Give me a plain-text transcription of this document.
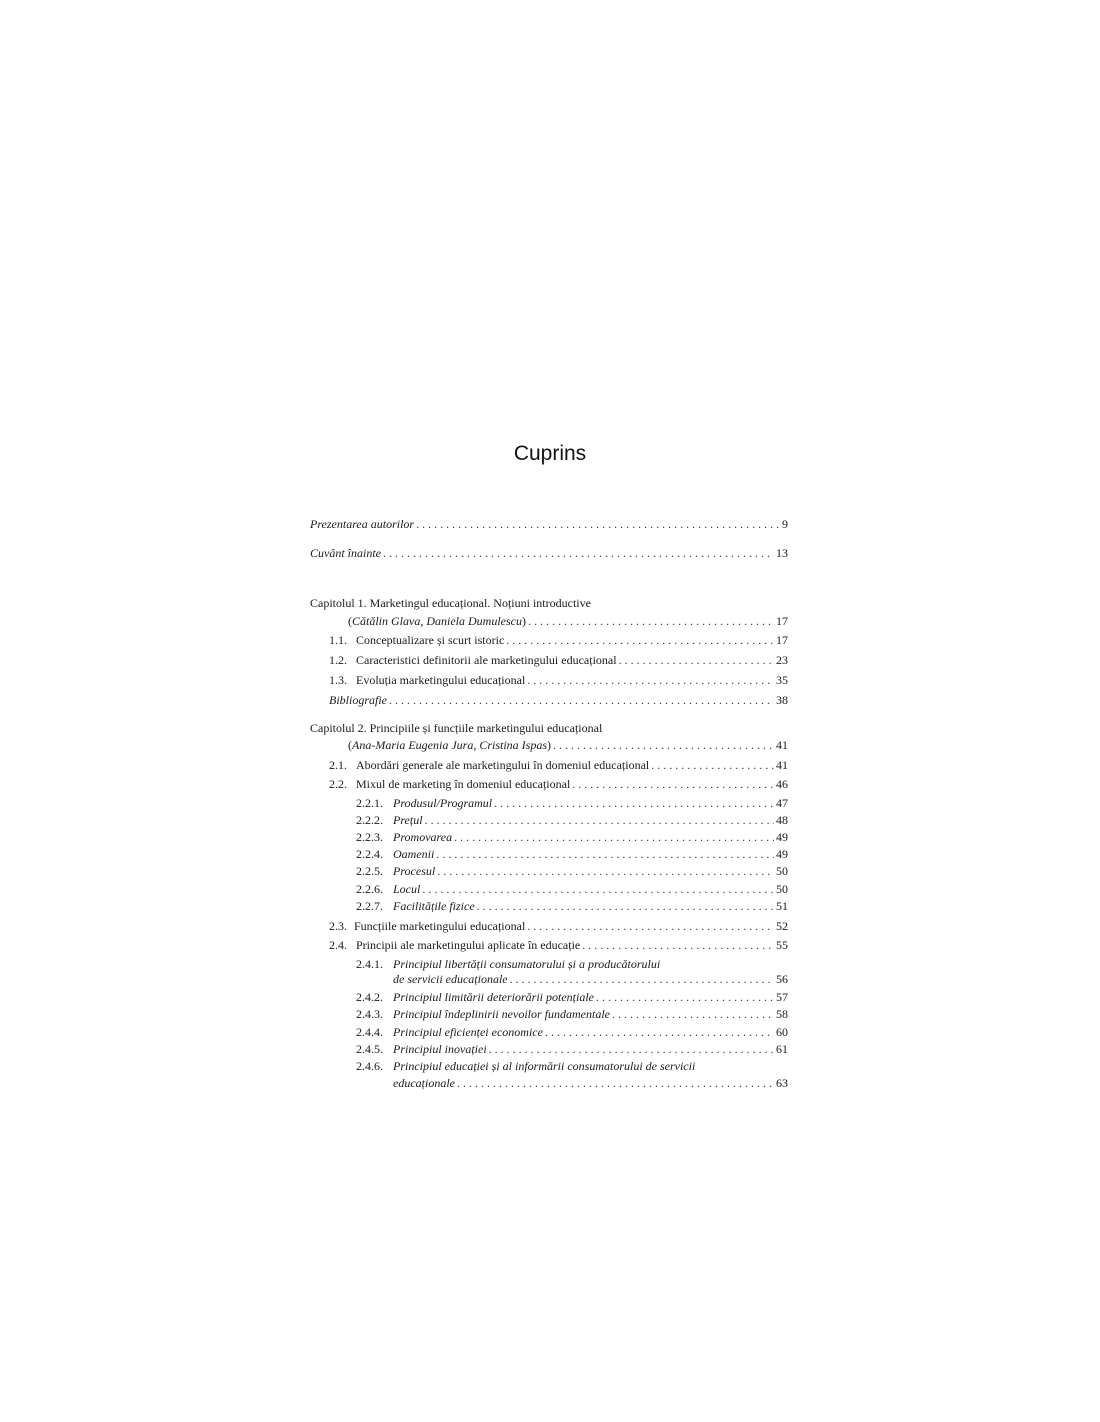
Cuprins
Prezentarea autorilor . . .	9
Cuvânt înainte . . .	13
Capitolul 1. Marketingul educațional. Noțiuni introductive
(Cătălin Glava, Daniela Dumulescu) . . .	17
1.1. Conceptualizare și scurt istoric . . .	17
1.2. Caracteristici definitorii ale marketingului educațional . . .	23
1.3. Evoluția marketingului educațional . . .	35
Bibliografie . . .	38
Capitolul 2. Principiile și funcțiile marketingului educațional
(Ana-Maria Eugenia Jura, Cristina Ispas) . . .	41
2.1. Abordări generale ale marketingului în domeniul educațional . . .	41
2.2. Mixul de marketing în domeniul educațional . . .	46
2.2.1. Produsul/Programul . . .	47
2.2.2. Prețul . . .	48
2.2.3. Promovarea . . .	49
2.2.4. Oamenii . . .	49
2.2.5. Procesul . . .	50
2.2.6. Locul . . .	50
2.2.7. Facilitățile fizice . . .	51
2.3. Funcțiile marketingului educațional . . .	52
2.4. Principii ale marketingului aplicate în educație . . .	55
2.4.1. Principiul libertății consumatorului și a producătorului
de servicii educaționale . . .	56
2.4.2. Principiul limitării deteriorării potențiale . . .	57
2.4.3. Principiul îndeplinirii nevoilor fundamentale . . .	58
2.4.4. Principiul eficienței economice . . .	60
2.4.5. Principiul inovației . . .	61
2.4.6. Principiul educației și al informării consumatorului de servicii
educaționale . . .	63
